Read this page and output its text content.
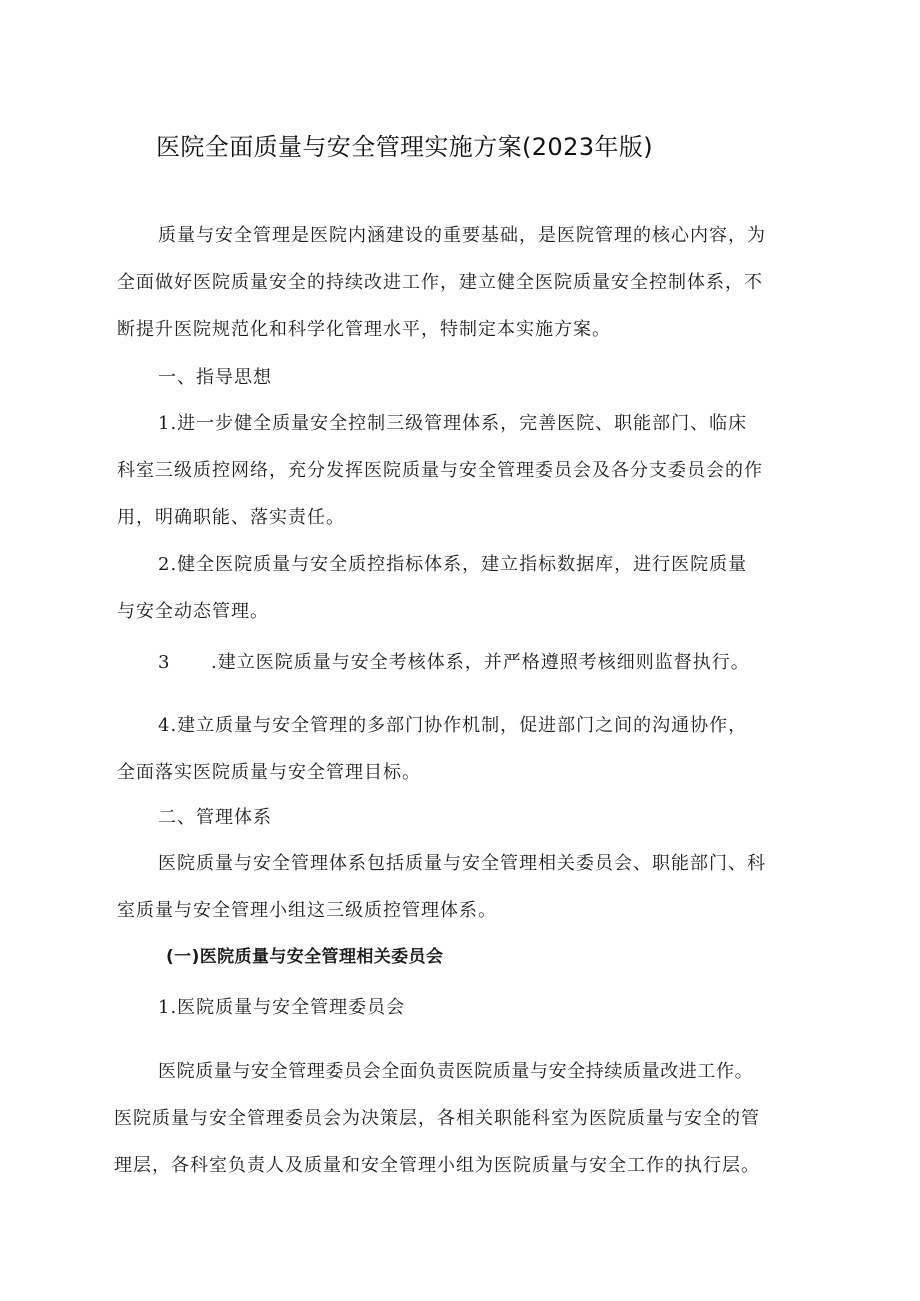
医院全面质量与安全管理实施方案(2023年版)
质量与安全管理是医院内涵建设的重要基础，是医院管理的核心内容，为
全面做好医院质量安全的持续改进工作，建立健全医院质量安全控制体系，不
断提升医院规范化和科学化管理水平，特制定本实施方案。
一、指导思想
1.进一步健全质量安全控制三级管理体系，完善医院、职能部门、临床
科室三级质控网络，充分发挥医院质量与安全管理委员会及各分支委员会的作
用，明确职能、落实责任。
2.健全医院质量与安全质控指标体系，建立指标数据库，进行医院质量
与安全动态管理。
3 .建立医院质量与安全考核体系，并严格遵照考核细则监督执行。
4.建立质量与安全管理的多部门协作机制，促进部门之间的沟通协作，
全面落实医院质量与安全管理目标。
二、管理体系
医院质量与安全管理体系包括质量与安全管理相关委员会、职能部门、科
室质量与安全管理小组这三级质控管理体系。
(一)医院质量与安全管理相关委员会
1.医院质量与安全管理委员会
医院质量与安全管理委员会全面负责医院质量与安全持续质量改进工作。
医院质量与安全管理委员会为决策层，各相关职能科室为医院质量与安全的管
理层，各科室负责人及质量和安全管理小组为医院质量与安全工作的执行层。
